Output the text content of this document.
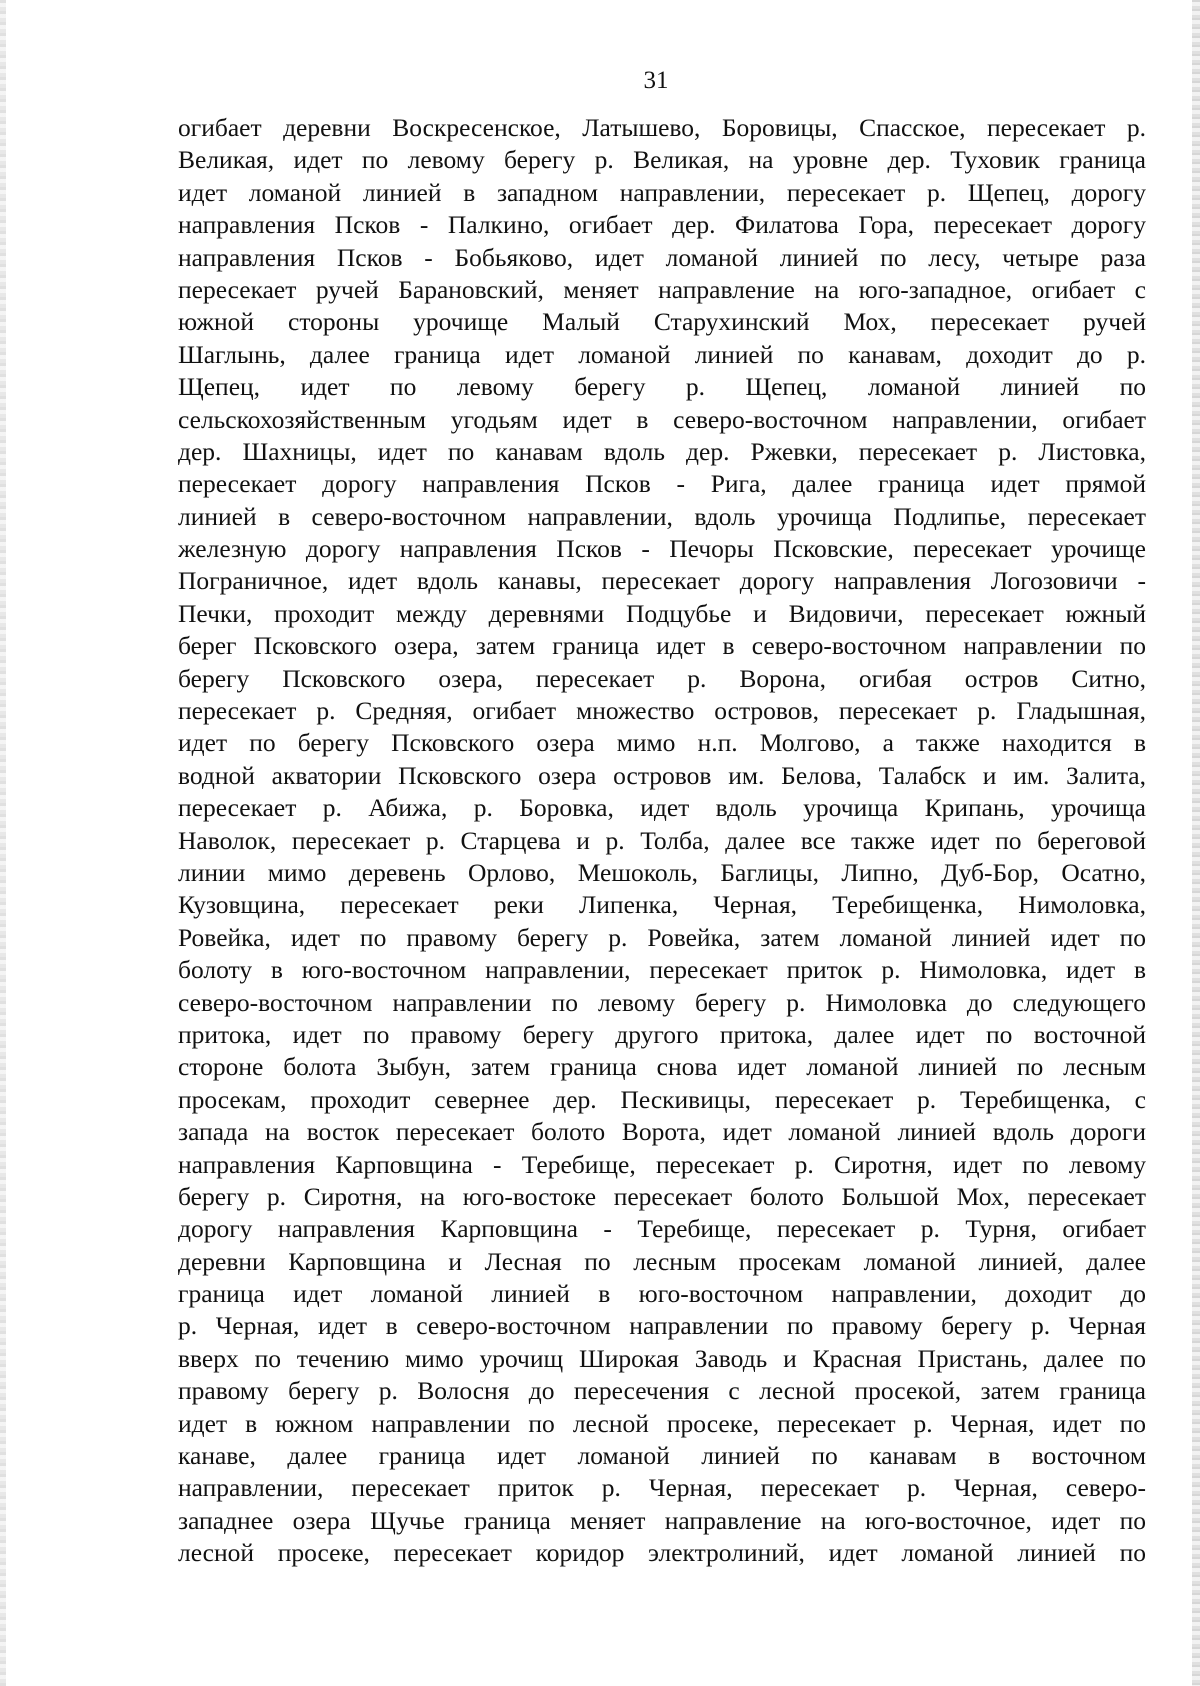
31
огибает деревни Воскресенское, Латышево, Боровицы, Спасское, пересекает р.
Великая, идет по левому берегу р. Великая, на уровне дер. Туховик граница
идет ломаной линией в западном направлении, пересекает р. Щепец, дорогу
направления Псков - Палкино, огибает дер. Филатова Гора, пересекает дорогу
направления Псков - Бобьяково, идет ломаной линией по лесу, четыре раза
пересекает ручей Барановский, меняет направление на юго-западное, огибает с
южной стороны урочище Малый Старухинский Мох, пересекает ручей
Шаглынь, далее граница идет ломаной линией по канавам, доходит до р.
Щепец, идет по левому берегу р. Щепец, ломаной линией по
сельскохозяйственным угодьям идет в северо-восточном направлении, огибает
дер. Шахницы, идет по канавам вдоль дер. Ржевки, пересекает р. Листовка,
пересекает дорогу направления Псков - Рига, далее граница идет прямой
линией в северо-восточном направлении, вдоль урочища Подлипье, пересекает
железную дорогу направления Псков - Печоры Псковские, пересекает урочище
Пограничное, идет вдоль канавы, пересекает дорогу направления Логозовичи -
Печки, проходит между деревнями Подцубье и Видовичи, пересекает южный
берег Псковского озера, затем граница идет в северо-восточном направлении по
берегу Псковского озера, пересекает р. Ворона, огибая остров Ситно,
пересекает р. Средняя, огибает множество островов, пересекает р. Гладышная,
идет по берегу Псковского озера мимо н.п. Молгово, а также находится в
водной акватории Псковского озера островов им. Белова, Талабск и им. Залита,
пересекает р. Абижа, р. Боровка, идет вдоль урочища Крипань, урочища
Наволок, пересекает р. Старцева и р. Толба, далее все также идет по береговой
линии мимо деревень Орлово, Мешоколь, Баглицы, Липно, Дуб-Бор, Осатно,
Кузовщина, пересекает реки Липенка, Черная, Теребищенка, Нимоловка,
Ровейка, идет по правому берегу р. Ровейка, затем ломаной линией идет по
болоту в юго-восточном направлении, пересекает приток р. Нимоловка, идет в
северо-восточном направлении по левому берегу р. Нимоловка до следующего
притока, идет по правому берегу другого притока, далее идет по восточной
стороне болота Зыбун, затем граница снова идет ломаной линией по лесным
просекам, проходит севернее дер. Пескивицы, пересекает р. Теребищенка, с
запада на восток пересекает болото Ворота, идет ломаной линией вдоль дороги
направления Карповщина - Теребище, пересекает р. Сиротня, идет по левому
берегу р. Сиротня, на юго-востоке пересекает болото Большой Мох, пересекает
дорогу направления Карповщина - Теребище, пересекает р. Турня, огибает
деревни Карповщина и Лесная по лесным просекам ломаной линией, далее
граница идет ломаной линией в юго-восточном направлении, доходит до
р. Черная, идет в северо-восточном направлении по правому берегу р. Черная
вверх по течению мимо урочищ Широкая Заводь и Красная Пристань, далее по
правому берегу р. Волосня до пересечения с лесной просекой, затем граница
идет в южном направлении по лесной просеке, пересекает р. Черная, идет по
канаве, далее граница идет ломаной линией по канавам в восточном
направлении, пересекает приток р. Черная, пересекает р. Черная, северо-
западнее озера Щучье граница меняет направление на юго-восточное, идет по
лесной просеке, пересекает коридор электролиний, идет ломаной линией по
